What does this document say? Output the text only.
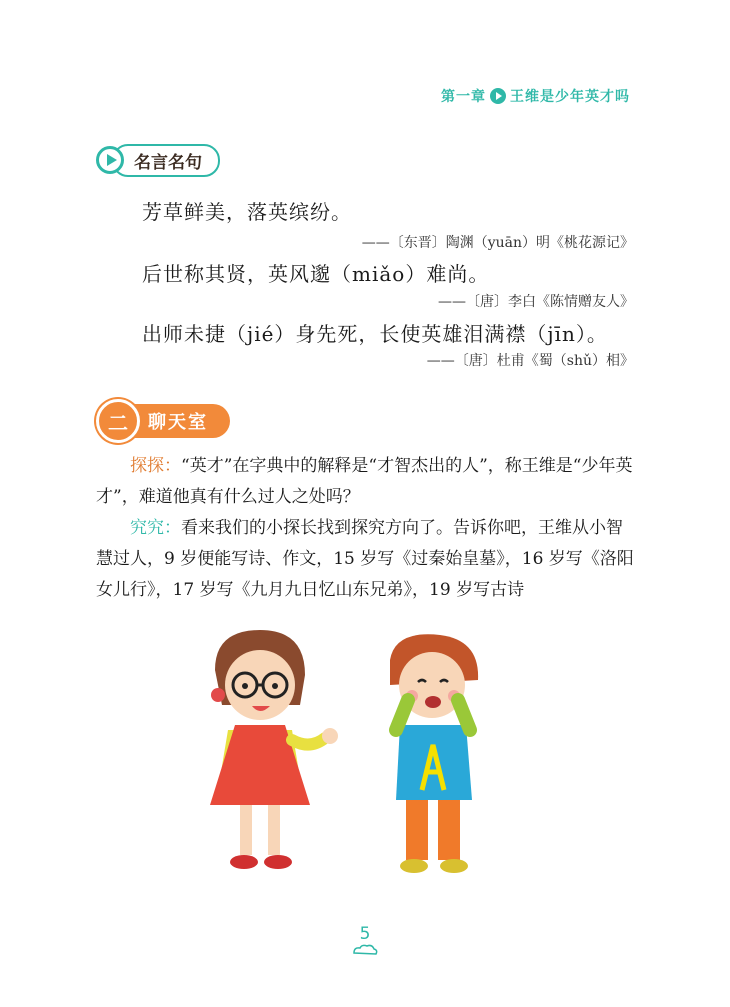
第一章 王维是少年英才吗
名言名句
芳草鲜美，落英缤纷。
——〔东晋〕陶渊（yuān）明《桃花源记》
后世称其贤，英风邈（miǎo）难尚。
——〔唐〕李白《陈情赠友人》
出师未捷（jié）身先死，长使英雄泪满襟（jīn）。
——〔唐〕杜甫《蜀（shǔ）相》
二	聊天室
探探：“英才”在字典中的解释是“才智杰出的人”，称王维是“少年英才”，难道他真有什么过人之处吗？
究究：看来我们的小探长找到探究方向了。告诉你吧，王维从小智慧过人，9 岁便能写诗、作文，15 岁写《过秦始皇墓》，16 岁写《洛阳女儿行》，17 岁写《九月九日忆山东兄弟》，19 岁写古诗
5
